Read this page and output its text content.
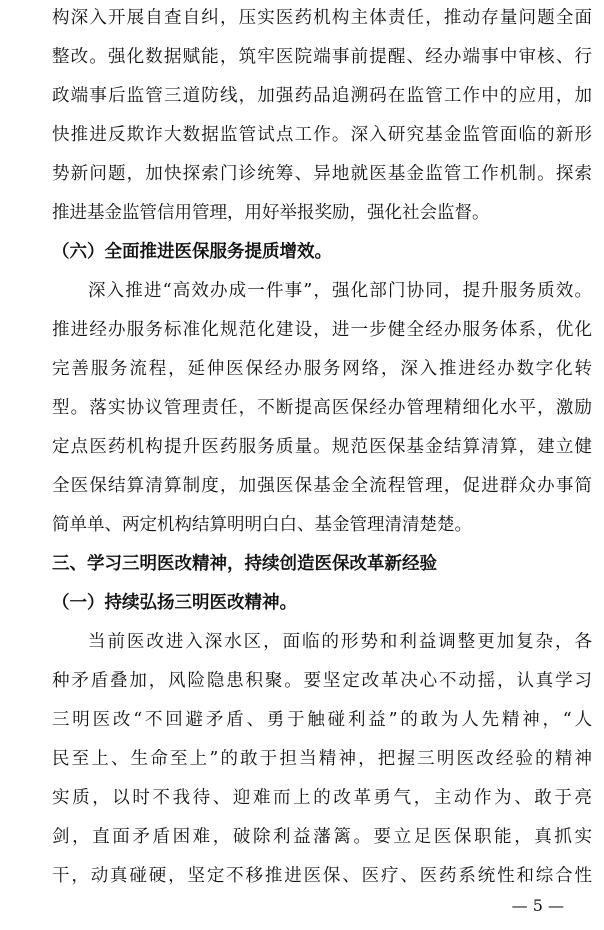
构深入开展自查自纠，压实医药机构主体责任，推动存量问题全面
整改。强化数据赋能，筑牢医院端事前提醒、经办端事中审核、行
政端事后监管三道防线，加强药品追溯码在监管工作中的应用，加
快推进反欺诈大数据监管试点工作。深入研究基金监管面临的新形
势新问题，加快探索门诊统筹、异地就医基金监管工作机制。探索
推进基金监管信用管理，用好举报奖励，强化社会监督。
（六）全面推进医保服务提质增效。
深入推进“高效办成一件事”，强化部门协同，提升服务质效。
推进经办服务标准化规范化建设，进一步健全经办服务体系，优化
完善服务流程，延伸医保经办服务网络，深入推进经办数字化转
型。落实协议管理责任，不断提高医保经办管理精细化水平，激励
定点医药机构提升医药服务质量。规范医保基金结算清算，建立健
全医保结算清算制度，加强医保基金全流程管理，促进群众办事简
简单单、两定机构结算明明白白、基金管理清清楚楚。
三、学习三明医改精神，持续创造医保改革新经验
（一）持续弘扬三明医改精神。
当前医改进入深水区，面临的形势和利益调整更加复杂，各
种矛盾叠加，风险隐患积聚。要坚定改革决心不动摇，认真学习
三明医改“不回避矛盾、勇于触碰利益”的敢为人先精神，“人
民至上、生命至上”的敢于担当精神，把握三明医改经验的精神
实质，以时不我待、迎难而上的改革勇气，主动作为、敢于亮
剑，直面矛盾困难，破除利益藩篱。要立足医保职能，真抓实
干，动真碰硬，坚定不移推进医保、医疗、医药系统性和综合性
— 5 —
